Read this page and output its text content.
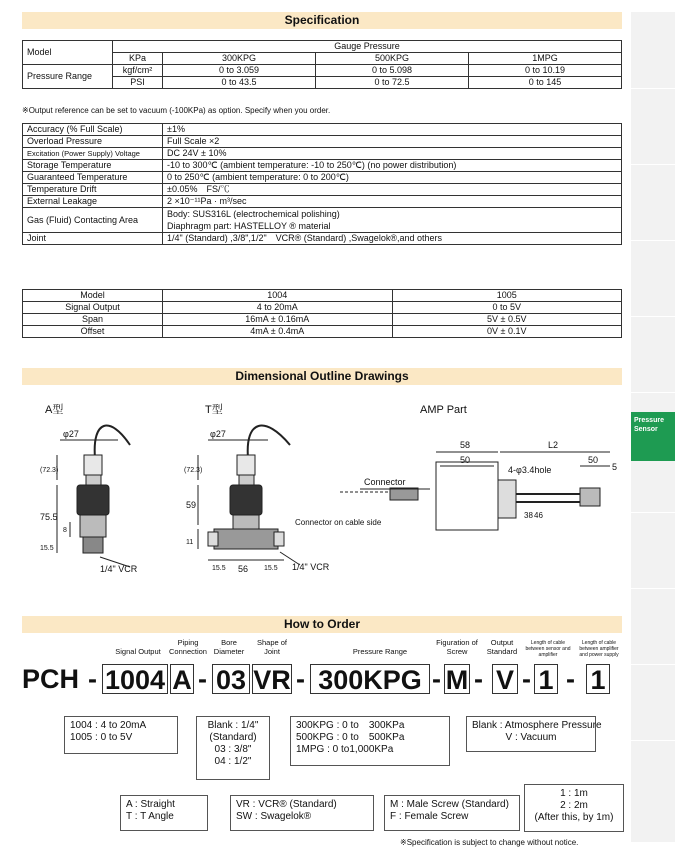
Pressure Sensor
Specification
Model	Gauge Pressure			
	KPa	300KPG	500KPG	1MPG
Pressure Range	kgf/cm²	0 to 3.059	0 to 5.098	0 to 10.19
	PSI	0 to 43.5	0 to 72.5	0 to 145
※Output reference can be set to vacuum (-100KPa) as option. Specify when you order.
Accuracy (% Full Scale)	±1%
Overload Pressure	Full Scale ×2
Excitation (Power Supply) Voltage	DC 24V ± 10%
Storage Temperature	-10 to 300℃ (ambient temperature: -10 to 250℃) (no power distribution)
Guaranteed Temperature	0 to 250℃ (ambient temperature: 0 to 200℃)
Temperature Drift	±0.05%　FS/℃
External Leakage	2 ×10⁻¹¹Pa · m³/sec
Gas (Fluid) Contacting Area	Body: SUS316L (electrochemical polishing)
Diaphragm part: HASTELLOY ® material

Joint	1/4" (Standard) ,3/8",1/2"　VCR® (Standard) ,Swagelok®,and others
Model	1004	1005
Signal Output	4 to 20mA	0 to 5V
Span	16mA ± 0.16mA	5V ± 0.5V
Offset	4mA ± 0.4mA	0V ± 0.1V
Dimensional Outline Drawings
A型	T型	AMP Part
φ27	φ27
(72.3)	(72.3)
75.5
8
15.5
59
11
15.5 56 15.5
1/4" VCR	1/4" VCR
58
50
L2
50
5
4-φ3.4hole
Connector
Connector on cable side
38 46
How to Order
Signal Output
Piping Connection
Bore Diameter
Shape of Joint	Pressure Range
Figuration of Screw
Output Standard
Length of cable between sensor and amplifier
Length of cable between amplifier and power supply
PCH - 1004 A - 03 VR - 300KPG - M - V - 1 - 1
1004 : 4 to 20mA
1005 : 0 to 5V
Blank : 1/4"
(Standard)
03 : 3/8"
04 : 1/2"
300KPG : 0 to　300KPa
500KPG : 0 to　500KPa
1MPG : 0 to1,000KPa
Blank : Atmosphere Pressure
V : Vacuum
A : Straight
T : T Angle
VR : VCR® (Standard)
SW : Swagelok®
M : Male Screw (Standard)
F : Female Screw
1 : 1m
2 : 2m
(After this, by 1m)
※Specification is subject to change without notice.
